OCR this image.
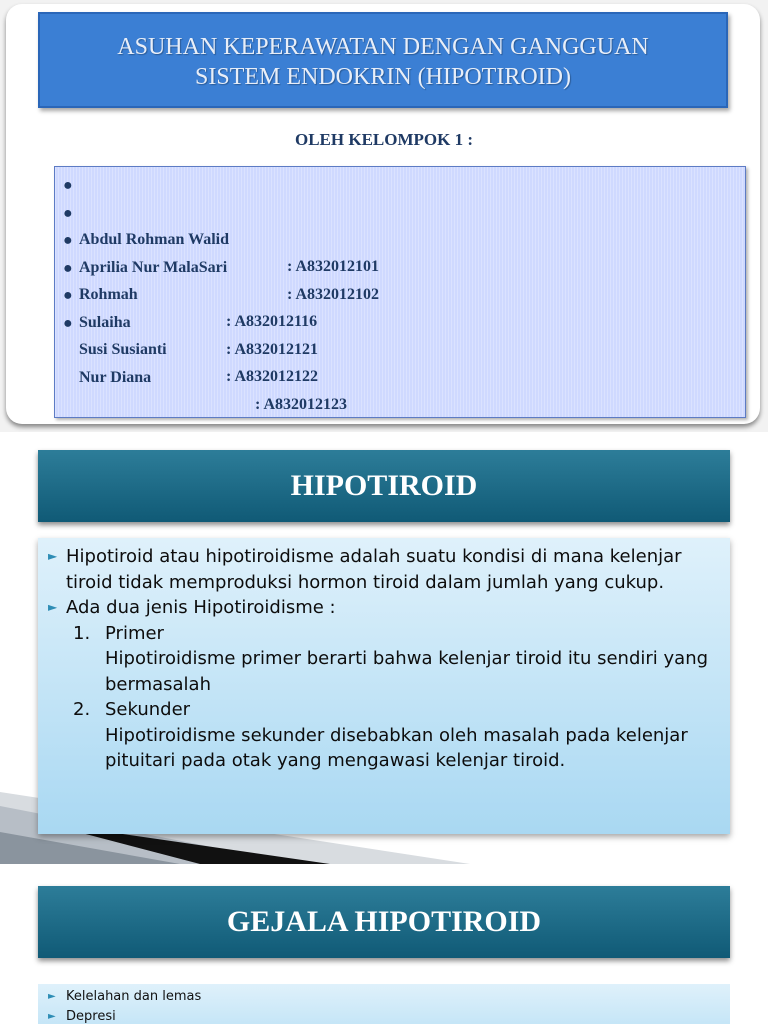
ASUHAN KEPERAWATAN DENGAN GANGGUAN
SISTEM ENDOKRIN (HIPOTIROID)
OLEH KELOMPOK 1 :

●

Abdul Rohman Walid

: A832012101

●

Aprilia Nur MalaSari

: A832012102

●

Rohmah

: A832012116

●

Sulaiha

: A832012121

●

Susi Susianti

: A832012122

●

Nur Diana

: A832012123

HIPOTIROID
► Hipotiroid atau hipotiroidisme adalah suatu kondisi di mana kelenjar tiroid tidak memproduksi hormon tiroid dalam jumlah yang cukup.
► Ada dua jenis Hipotiroidisme :
1. Primer
Hipotiroidisme primer berarti bahwa kelenjar tiroid itu sendiri yang bermasalah
2. Sekunder
Hipotiroidisme sekunder disebabkan oleh masalah pada kelenjar pituitari pada otak yang mengawasi kelenjar tiroid.
GEJALA HIPOTIROID
► Kelelahan dan lemas
► Depresi
